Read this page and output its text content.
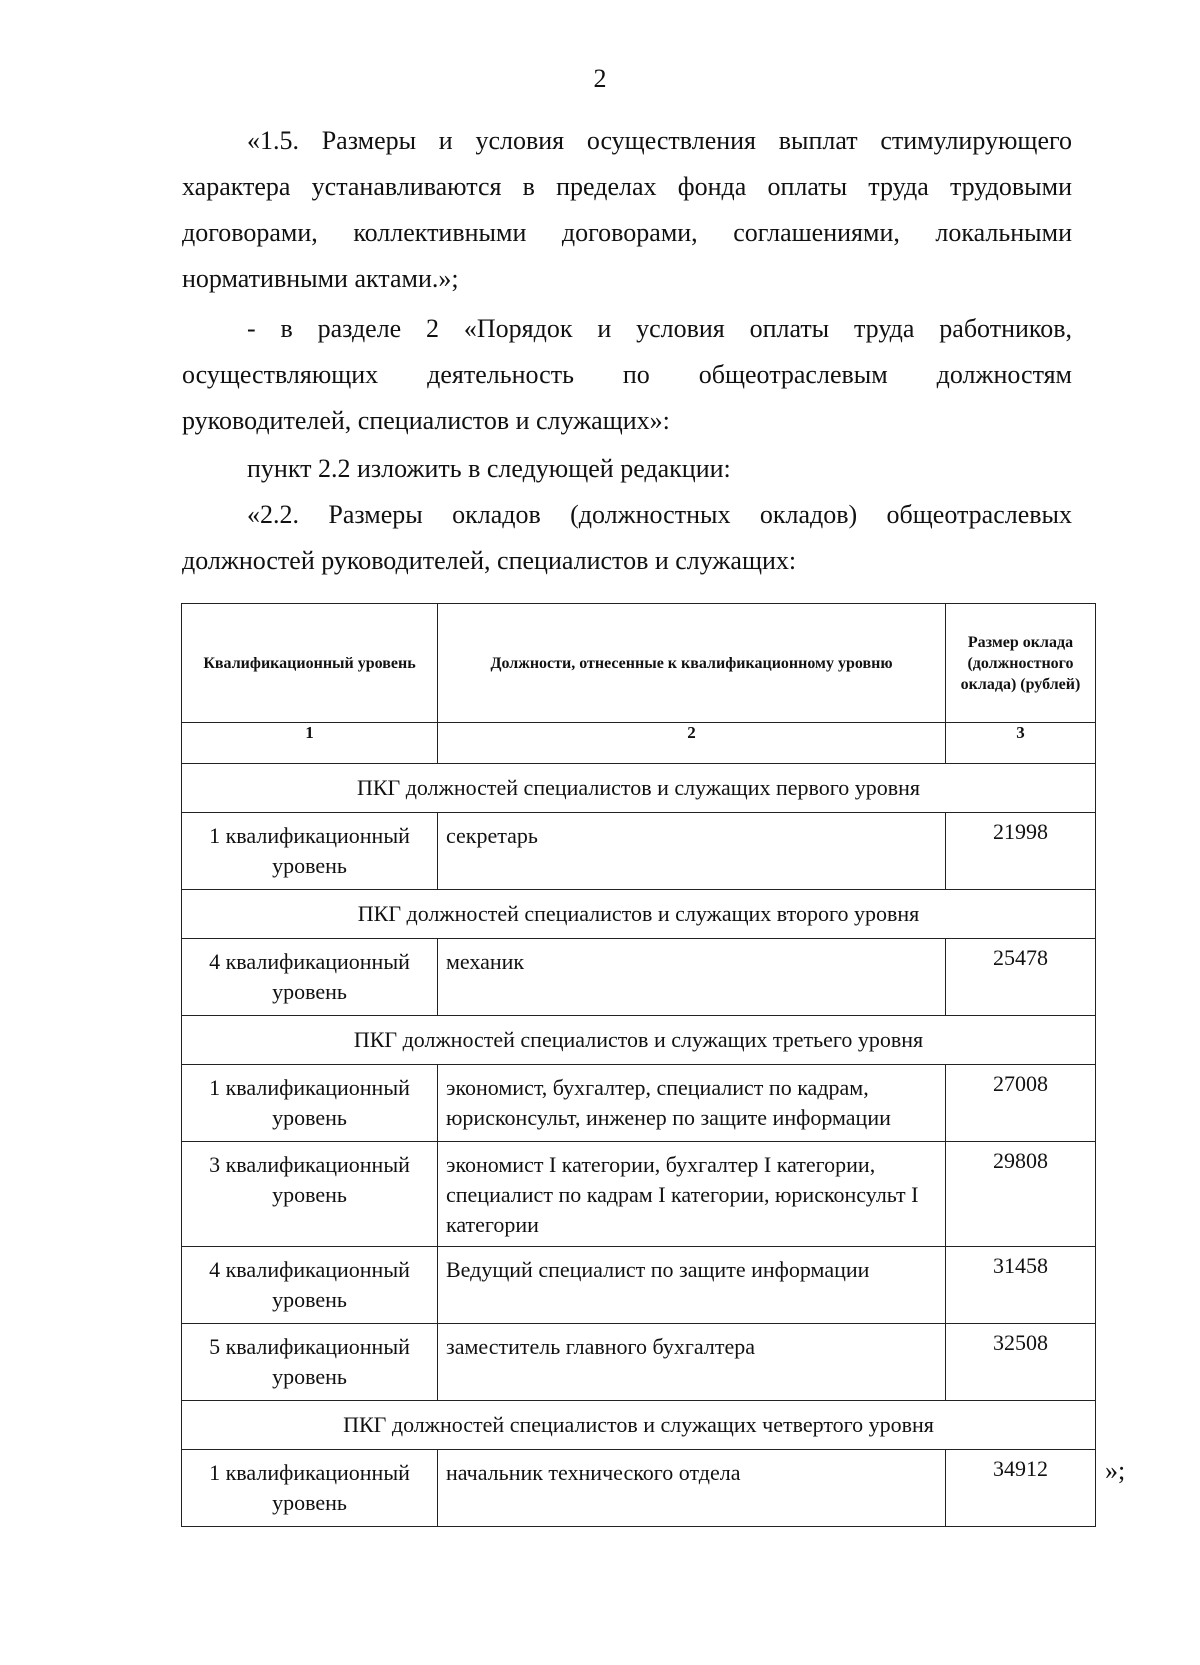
2
«1.5. Размеры и условия осуществления выплат стимулирующего
характера устанавливаются в пределах фонда оплаты труда трудовыми
договорами, коллективными договорами, соглашениями, локальными
нормативными актами.»;
- в разделе 2 «Порядок и условия оплаты труда работников,
осуществляющих деятельность по общеотраслевым должностям
руководителей, специалистов и служащих»:
пункт 2.2 изложить в следующей редакции:
«2.2. Размеры окладов (должностных окладов) общеотраслевых
должностей руководителей, специалистов и служащих:
Квалификационный уровень	Должности, отнесенные к квалификационному уровню	Размер оклада (должностного оклада) (рублей)
1	2	3
ПКГ должностей специалистов и служащих первого уровня		
1 квалификационный уровень	секретарь	21998
ПКГ должностей специалистов и служащих второго уровня		
4 квалификационный уровень	механик	25478
ПКГ должностей специалистов и служащих третьего уровня		
1 квалификационный уровень	экономист, бухгалтер, специалист по кадрам, юрисконсульт, инженер по защите информации	27008
3 квалификационный уровень	экономист I категории, бухгалтер I категории, специалист по кадрам I категории, юрисконсульт I категории	29808
4 квалификационный уровень	Ведущий специалист по защите информации	31458
5 квалификационный уровень	заместитель главного бухгалтера	32508
ПКГ должностей специалистов и служащих четвертого уровня		
1 квалификационный уровень	начальник технического отдела	34912 »;
